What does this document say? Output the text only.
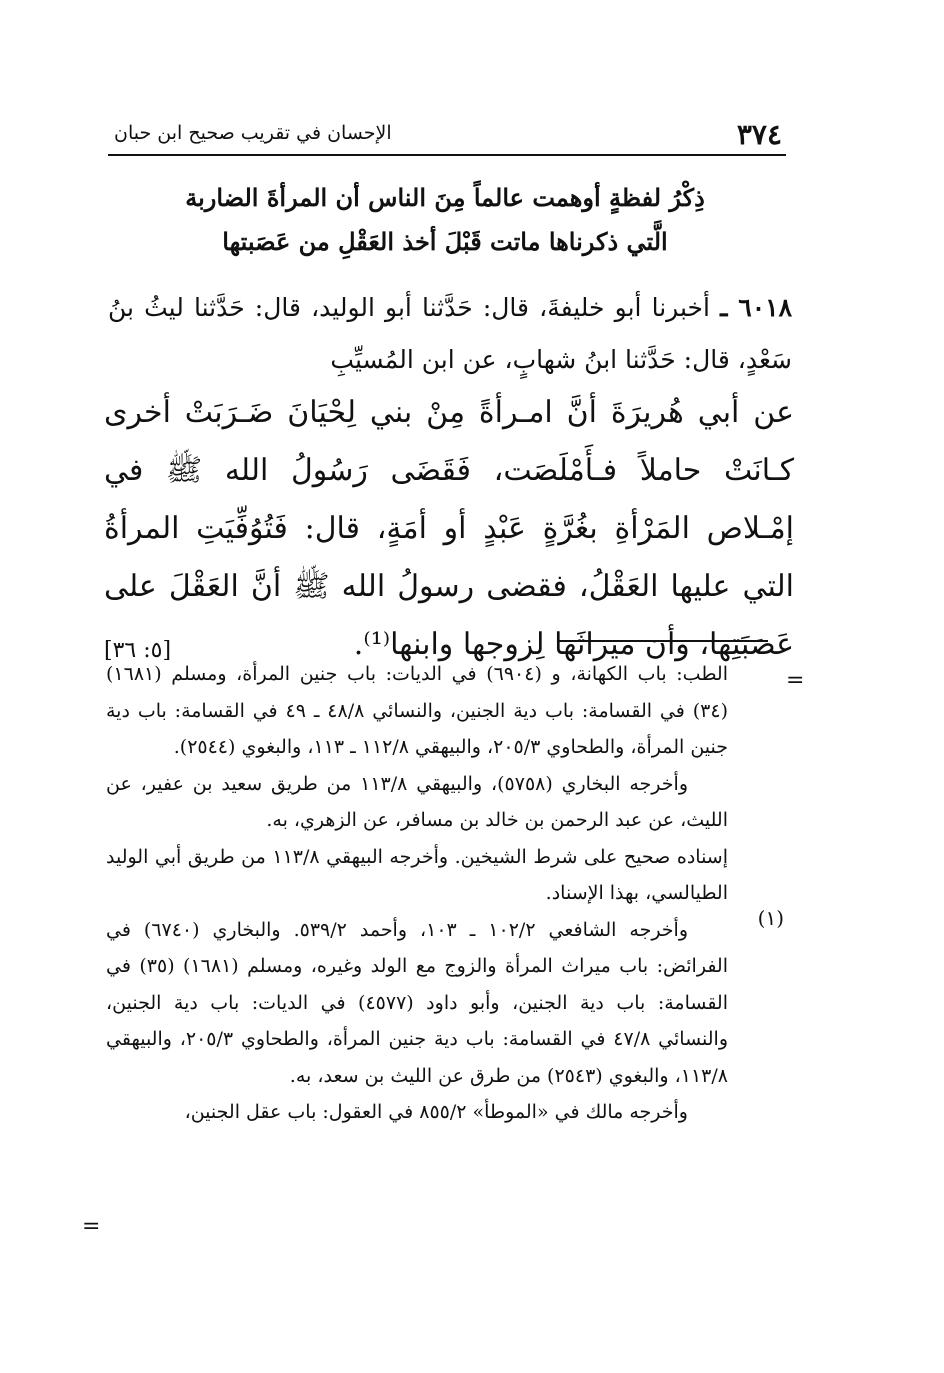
٣٧٤
الإحسان في تقريب صحيح ابن حبان
ذِكْرُ لفظةٍ أوهمت عالماً مِنَ الناس أن المرأةَ الضاربة
الَّتي ذكرناها ماتت قَبْلَ أخذ العَقْلِ من عَصَبتها
٦٠١٨ ـ أخبرنا أبو خليفةَ، قال: حَدَّثنا أبو الوليد، قال: حَدَّثنا ليثُ بنُ سَعْدٍ، قال: حَدَّثنا ابنُ شهابٍ، عن ابن المُسيِّبِ
عن أبي هُريرَةَ أنَّ امـرأةً مِنْ بني لِحْيَانَ ضَـرَبَتْ أخرى كـانَتْ حاملاً فـأَمْلَصَت، فَقَضَى رَسُولُ الله ﷺ في إمْـلاص المَرْأةِ بغُرَّةٍ عَبْدٍ أو أمَةٍ، قال: فَتُوُفِّيَتِ المرأةُ التي عليها العَقْلُ، فقضى رسولُ الله ﷺ أنَّ العَقْلَ على عَصَبَتِها، وأن ميراثَها لِزوجها وابنها⁽¹⁾.
[٥: ٣٦]
=
(١)

الطب: باب الكهانة، و (٦٩٠٤) في الديات: باب جنين المرأة، ومسلم (١٦٨١) (٣٤) في القسامة: باب دية الجنين، والنسائي ٤٨/٨ ـ ٤٩ في القسامة: باب دية جنين المرأة، والطحاوي ٢٠٥/٣، والبيهقي ١١٢/٨ ـ ١١٣، والبغوي (٢٥٤٤).

وأخرجه البخاري (٥٧٥٨)، والبيهقي ١١٣/٨ من طريق سعيد بن عفير، عن الليث، عن عبد الرحمن بن خالد بن مسافر، عن الزهري، به.

إسناده صحيح على شرط الشيخين. وأخرجه البيهقي ١١٣/٨ من طريق أبي الوليد الطيالسي، بهذا الإسناد.

وأخرجه الشافعي ١٠٢/٢ ـ ١٠٣، وأحمد ٥٣٩/٢. والبخاري (٦٧٤٠) في الفرائض: باب ميراث المرأة والزوج مع الولد وغيره، ومسلم (١٦٨١) (٣٥) في القسامة: باب دية الجنين، وأبو داود (٤٥٧٧) في الديات: باب دية الجنين، والنسائي ٤٧/٨ في القسامة: باب دية جنين المرأة، والطحاوي ٢٠٥/٣، والبيهقي ١١٣/٨، والبغوي (٢٥٤٣) من طرق عن الليث بن سعد، به.

وأخرجه مالك في «الموطأ» ٨٥٥/٢ في العقول: باب عقل الجنين،

=
